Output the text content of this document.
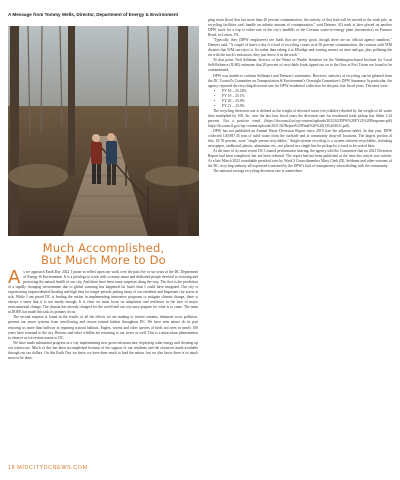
A Message from Tommy Wells, Director, Department of Energy & Environment
Much Accomplished,
But Much More to Do

As we approach Earth Day 2022, I pause to reflect upon our work over the past five or six years at the DC Department of Energy & Environment. It is a privilege to work with so many smart and dedicated people devoted to restoring and protecting the natural health of our city. And there have been some surprises along the way. The first is the prediction of a rapidly changing environment due to global warming has happened far faster than I could have imagined. Our city is experiencing unprecedented flooding and high heat for longer periods putting many of our residents and Important city assets at risk. While I am proud DC is leading the nation in implementing innovative programs to mitigate climate change, there is always a sense that it is not nearly enough. It is clear we must focus on adaptation and resilience in the face of major environmental change. The climate has already changed for the world and our city must prepare for what is to come. The team at DOEE has made this task its primary focus.

The second surprise is found in the results of all the efforts we are making to restore streams, eliminate toxic pollution, prevent our sewer systems from overflowing and restore natural habitat throughout DC. We have seen nature do its part restoring us more than halfway in repairing natural habitats. Eagles, ravens and other species of birds not seen in nearly 100 years have returned to the city. Beavers and other wildlife are returning to our rivers as well. This is a miraculous phenomenon to observe as we restore nature to DC.

We have made substantial progress as a city implementing new green infrastructure, deploying solar energy and cleaning up our waterways. Much of this has been accomplished because of the support of our residents and the resources made available through our tax dollars. On this Earth Day we know we have done much to lead the nation, but we also know there is so much more to be done.

18 MIDCITYDCNEWS.COM

ping room floor) that has more than 20 percent contamination, the entirety of that load will be moved to the trash pile, as recycling facilities can't handle an infinite amount of contamination," said Deinzer. All trash is later placed on another DPW truck for a trip to either one of the city's landfills or the Covanta waste-to-energy plant (incinerator) on Furnace Road, in Lorton, VA.

"Typically, they (DPW employees) see loads that are pretty good, though there are no official agency numbers," Deinzer said. "A couple of times a day if a load of recycling comes in at 50 percent contamination, the contract with WM dictates that WM can reject it. So rather than taking it to Elkridge and wasting money on time and gas, plus polluting the air with the truck's emissions, they just throw it in the trash."

To that point, Neil Seldman, director of the Waste to Wealth Initiative for the Washington-based Institute for Local Self-Reliance (ILSR) estimates that 20 percent of recyclable loads tipped out on to the floor at Fort Totten are found to be contaminated.

DPW was unable to confirm Seldman's and Deinzer's statements. However, statistics of recycling can be gleaned from the DC Council's Committee on Transportation & Environment's Oversight Committee's DPW Summary. In particular, the agency reported the recycling diversion rate for DPW residential collection for the past four fiscal years. The rates were:

• FY 18 – 25.24%
• FY 19 – 25.1%
• FY 20 – 25.0%
• FY 21 – 23.9%

The recycling diversion rate is defined as the weight of diverted waste (recyclables) divided by the weight of all waste then multiplied by 100. So, over the last four fiscal years the diversion rate for residential trash pickup has fallen 1.34 percent. Not a positive trend. (https://dccouncil.us/wp-content/uploads/2022/02/DPW%20FY21%20Response.pdf) https://dccouncil.gov/wp-content/uploads/2021/02/Report%20Final%20%20(1)%202021.pdf).

DPW has not published an Annual Waste Diversion Report since 2019 (see the adjacent table). In that year, DPW collected 140,987.45 tons of solid waste from the curbside and at community drop-off locations. The largest portion of this, 18.78 percent, were "single stream recyclables." Single-stream recycling is a system wherein recyclables, including newspaper, cardboard, plastic, aluminum, etc., are placed in a single bin for pickup by a truck to be sorted later.

At the time of its most recent DC Council performance hearing, the agency told the Committee that its 2021 Diversion Report had been completed, but not been released. The report had not been published at the time this article was written. At a late March 2022 roundtable presided over by Ward 3 Councilmember Mary Cheh (D), Seldman and other veterans of the DC recycling industry all expressed frustrated by the DPW's lack of transparency when dealing with the community.

The national average recycling diversion rate is somewhere
